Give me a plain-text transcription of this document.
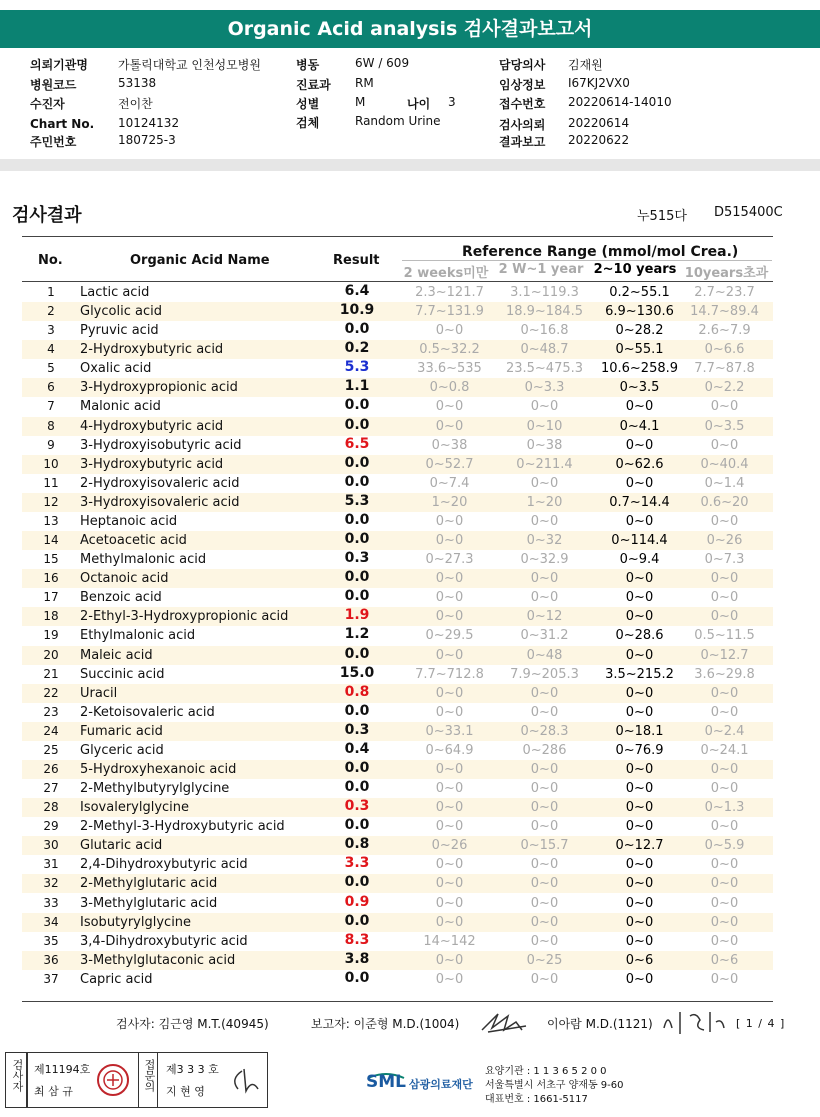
Organic Acid analysis 검사결과보고서
의뢰기관명	가톨릭대학교 인천성모병원
병원코드	53138
수진자	전이찬
Chart No. 10124132
주민번호	180725-3
병동	6W / 609
진료과 RM
성별	M	나이 3
검체	Random Urine
담당의사 김재원
임상정보 I67KJ2VX0
접수번호 20220614-14010
검사의뢰 20220614
결과보고 20220622
검사결과	누515다 D515400C
No.	Organic Acid Name	Result
Reference Range (mmol/mol Crea.)
2 weeks미만 2 W~1 year 2~10 years 10years초과
1	Lactic acid	6.4	2.3~121.7	3.1~119.3	0.2~55.1	2.7~23.7
2	Glycolic acid	10.9	7.7~131.9	18.9~184.5	6.9~130.6	14.7~89.4
3	Pyruvic acid	0.0	0~0	0~16.8	0~28.2	2.6~7.9
4	2-Hydroxybutyric acid	0.2	0.5~32.2	0~48.7	0~55.1	0~6.6
5	Oxalic acid	5.3	33.6~535	23.5~475.3	10.6~258.9	7.7~87.8
6	3-Hydroxypropionic acid	1.1	0~0.8	0~3.3	0~3.5	0~2.2
7	Malonic acid	0.0	0~0	0~0	0~0	0~0
8	4-Hydroxybutyric acid	0.0	0~0	0~10	0~4.1	0~3.5
9	3-Hydroxyisobutyric acid	6.5	0~38	0~38	0~0	0~0
10	3-Hydroxybutyric acid	0.0	0~52.7	0~211.4	0~62.6	0~40.4
11	2-Hydroxyisovaleric acid	0.0	0~7.4	0~0	0~0	0~1.4
12	3-Hydroxyisovaleric acid	5.3	1~20	1~20	0.7~14.4	0.6~20
13	Heptanoic acid	0.0	0~0	0~0	0~0	0~0
14	Acetoacetic acid	0.0	0~0	0~32	0~114.4	0~26
15	Methylmalonic acid	0.3	0~27.3	0~32.9	0~9.4	0~7.3
16	Octanoic acid	0.0	0~0	0~0	0~0	0~0
17	Benzoic acid	0.0	0~0	0~0	0~0	0~0
18	2-Ethyl-3-Hydroxypropionic acid	1.9	0~0	0~12	0~0	0~0
19	Ethylmalonic acid	1.2	0~29.5	0~31.2	0~28.6	0.5~11.5
20	Maleic acid	0.0	0~0	0~48	0~0	0~12.7
21	Succinic acid	15.0	7.7~712.8	7.9~205.3	3.5~215.2	3.6~29.8
22	Uracil	0.8	0~0	0~0	0~0	0~0
23	2-Ketoisovaleric acid	0.0	0~0	0~0	0~0	0~0
24	Fumaric acid	0.3	0~33.1	0~28.3	0~18.1	0~2.4
25	Glyceric acid	0.4	0~64.9	0~286	0~76.9	0~24.1
26	5-Hydroxyhexanoic acid	0.0	0~0	0~0	0~0	0~0
27	2-Methylbutyrylglycine	0.0	0~0	0~0	0~0	0~0
28	Isovalerylglycine	0.3	0~0	0~0	0~0	0~1.3
29	2-Methyl-3-Hydroxybutyric acid	0.0	0~0	0~0	0~0	0~0
30	Glutaric acid	0.8	0~26	0~15.7	0~12.7	0~5.9
31	2,4-Dihydroxybutyric acid	3.3	0~0	0~0	0~0	0~0
32	2-Methylglutaric acid	0.0	0~0	0~0	0~0	0~0
33	3-Methylglutaric acid	0.9	0~0	0~0	0~0	0~0
34	Isobutyrylglycine	0.0	0~0	0~0	0~0	0~0
35	3,4-Dihydroxybutyric acid	8.3	14~142	0~0	0~0	0~0
36	3-Methylglutaconic acid	3.8	0~0	0~25	0~6	0~6
37	Capric acid	0.0	0~0	0~0	0~0	0~0
검사자: 김근영 M.T.(40945)	보고자: 이준형 M.D.(1004)	이아람 M.D.(1121)	[ 1 / 4 ]
검사자 제11194호
최 삼 규	접문의 제3 3 3 호
지 현 영	SML 삼광의료재단
요양기관 : 1 1 3 6 5 2 0 0
서울특별시 서초구 양재동 9-60
대표번호 : 1661-5117
